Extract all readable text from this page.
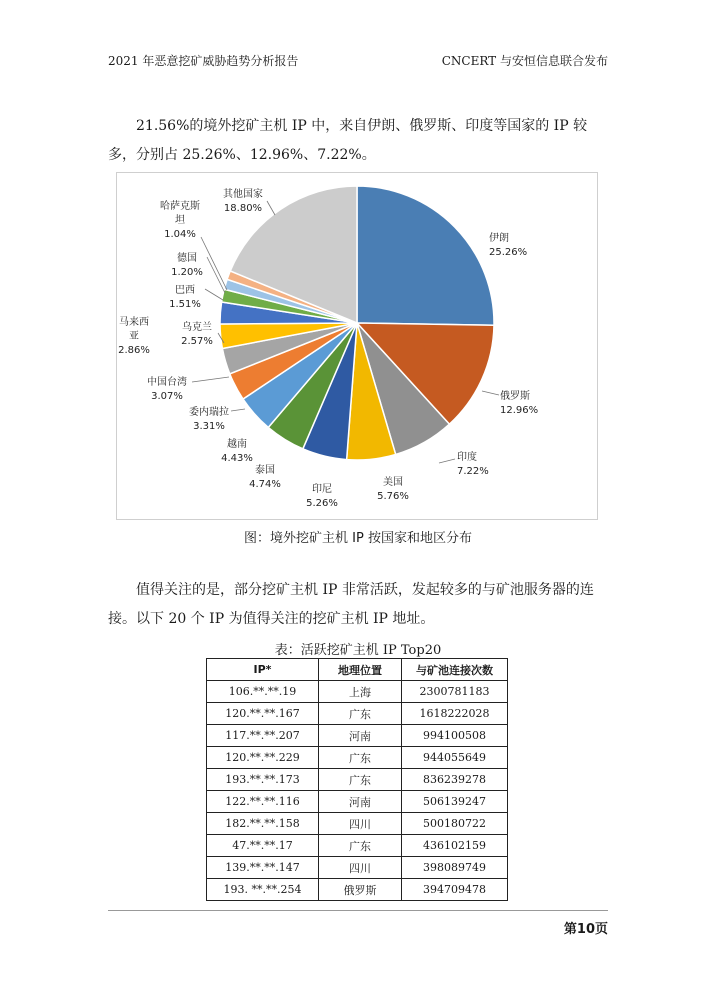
2021 年恶意挖矿威胁趋势分析报告	CNCERT 与安恒信息联合发布

21.56%的境外挖矿主机 IP 中，来自伊朗、俄罗斯、印度等国家的 IP 较多，分别占 25.26%、12.96%、7.22%。

伊朗 25.26%
俄罗斯 12.96%
印度 7.22%
美国 5.76%
印尼 5.26%
泰国 4.74%
越南 4.43%
委内瑞拉 3.31%
中国台湾 3.07%
马来西亚 2.86%
乌克兰 2.57%
巴西 1.51%
德国 1.20%
哈萨克斯坦 1.04%
其他国家 18.80%
图：境外挖矿主机 IP 按国家和地区分布

值得关注的是，部分挖矿主机 IP 非常活跃，发起较多的与矿池服务器的连接。以下 20 个 IP 为值得关注的挖矿主机 IP 地址。

表：活跃挖矿主机 IP Top20
IP*	地理位置	与矿池连接次数
106.**.**.19	上海	2300781183
120.**.**.167	广东	1618222028
117.**.**.207	河南	994100508
120.**.**.229	广东	944055649
193.**.**.173	广东	836239278
122.**.**.116	河南	506139247
182.**.**.158	四川	500180722
47.**.**.17	广东	436102159
139.**.**.147	四川	398089749
193. **.**.254	俄罗斯	394709478
第10页
